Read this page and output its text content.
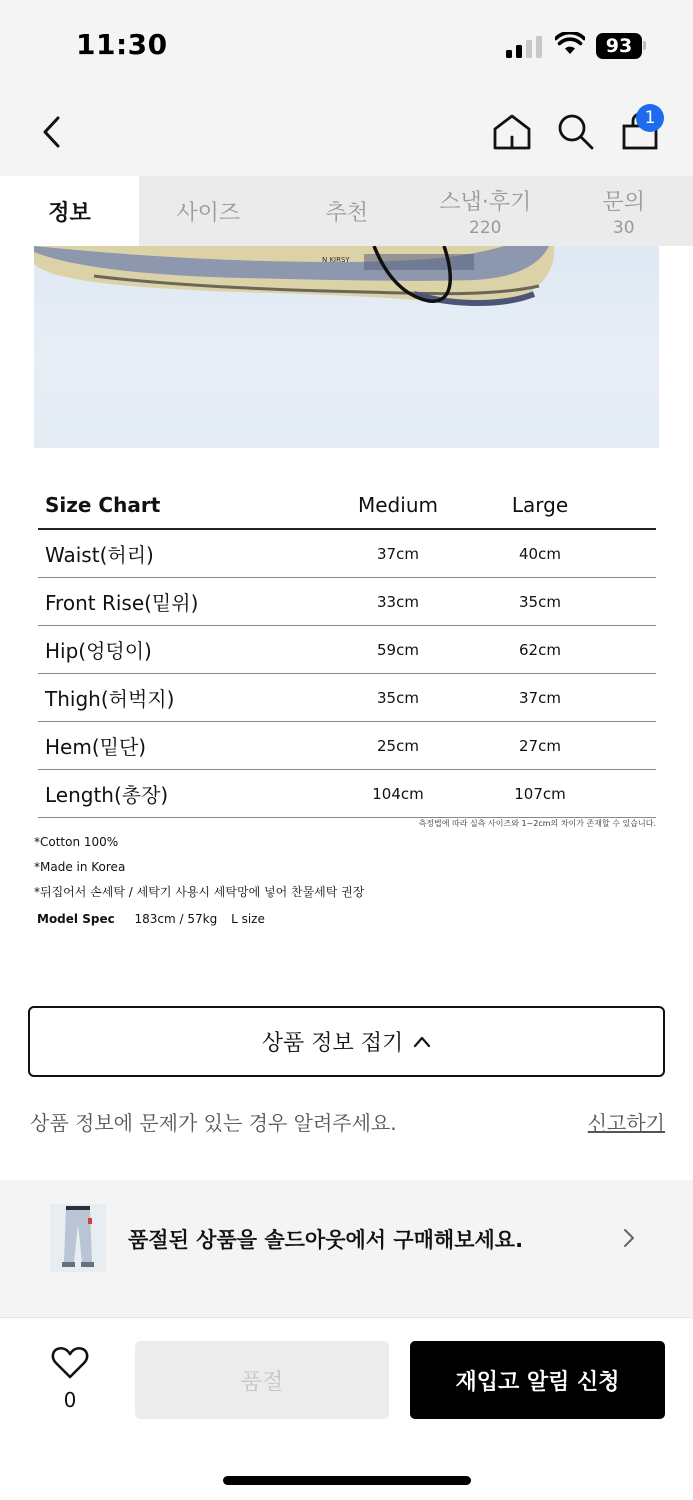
11:30	93
1
정보	사이즈	추천	스냅·후기
220
문의
30
N KIRSY
Size Chart	Medium	Large
Waist(허리)	37cm	40cm
Front Rise(밑위)	33cm	35cm
Hip(엉덩이)	59cm	62cm
Thigh(허벅지)	35cm	37cm
Hem(밑단)	25cm	27cm
Length(총장)	104cm	107cm
측정법에 따라 실측 사이즈와 1~2cm의 차이가 존재할 수 있습니다.
*Cotton 100%
*Made in Korea
*뒤집어서 손세탁 / 세탁기 사용시 세탁망에 넣어 찬물세탁 권장
Model Spec 183cm / 57kg L size
상품 정보 접기
상품 정보에 문제가 있는 경우 알려주세요.	신고하기
품절된 상품을 솔드아웃에서 구매해보세요.
0
품절	재입고 알림 신청
